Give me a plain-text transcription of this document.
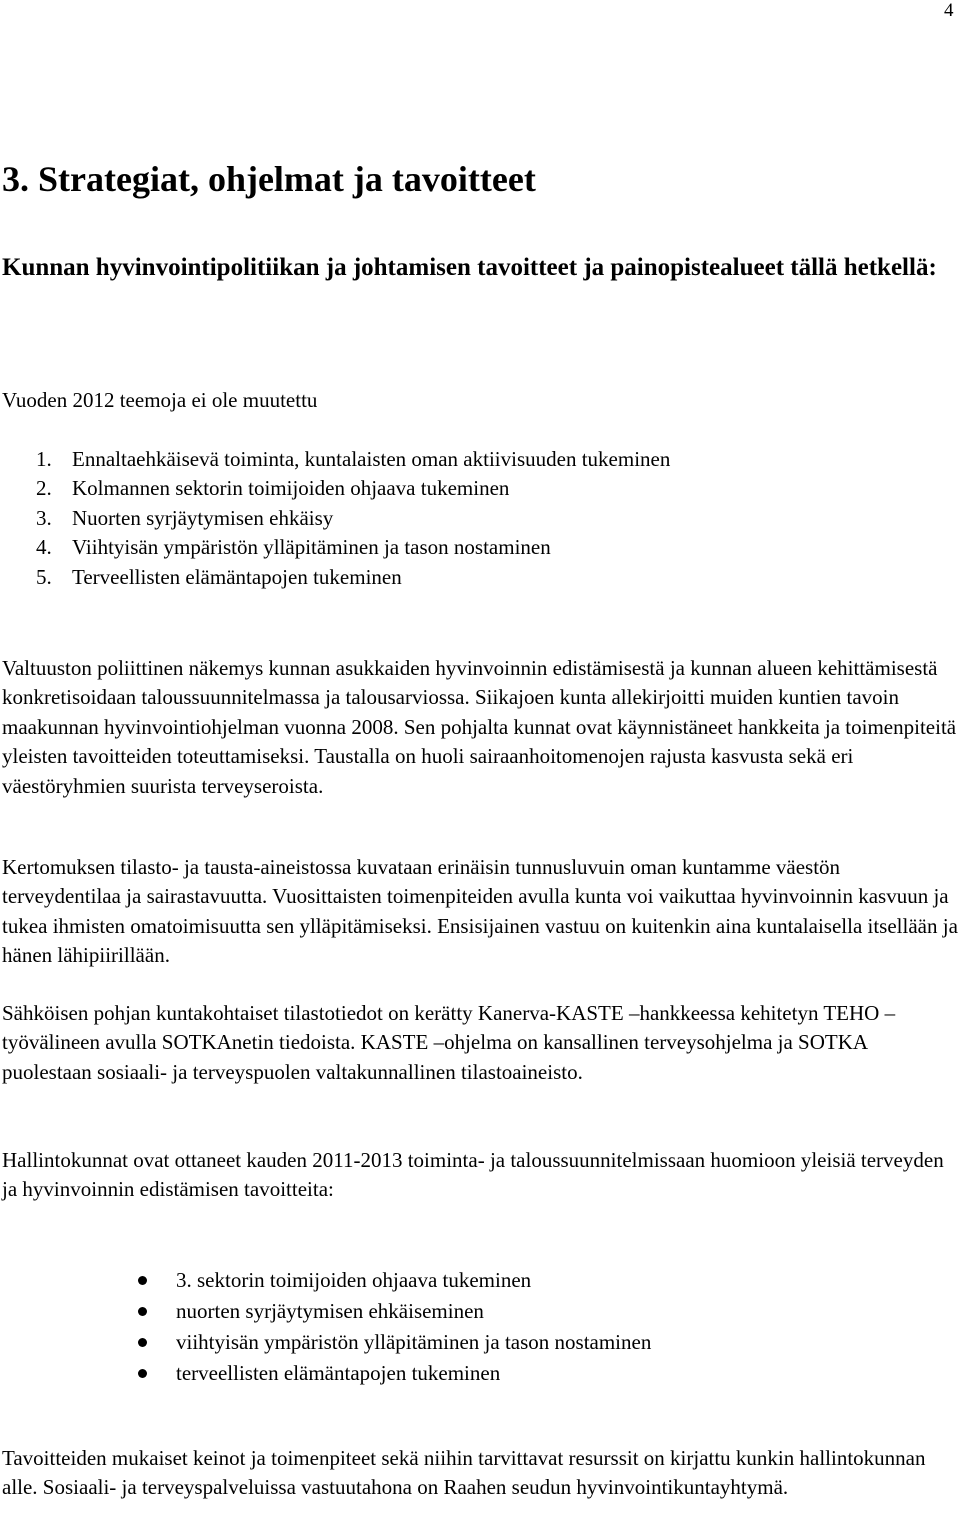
4
3. Strategiat, ohjelmat ja tavoitteet
Kunnan hyvinvointipolitiikan ja johtamisen tavoitteet ja painopistealueet tällä hetkellä:

Vuoden 2012 teemoja ei ole muutettu

1. Ennaltaehkäisevä toiminta, kuntalaisten oman aktiivisuuden tukeminen
2. Kolmannen sektorin toimijoiden ohjaava tukeminen
3. Nuorten syrjäytymisen ehkäisy
4. Viihtyisän ympäristön ylläpitäminen ja tason nostaminen
5. Terveellisten elämäntapojen tukeminen

Valtuuston poliittinen näkemys kunnan asukkaiden hyvinvoinnin edistämisestä ja kunnan alueen kehittämisestä konkretisoidaan taloussuunnitelmassa ja talousarviossa. Siikajoen kunta allekirjoitti muiden kuntien tavoin maakunnan hyvinvointiohjelman vuonna 2008. Sen pohjalta kunnat ovat käynnistäneet hankkeita ja toimenpiteitä yleisten tavoitteiden toteuttamiseksi. Taustalla on huoli sairaanhoitomenojen rajusta kasvusta sekä eri väestöryhmien suurista terveyseroista.

Kertomuksen tilasto- ja tausta-aineistossa kuvataan erinäisin tunnusluvuin oman kuntamme väestön terveydentilaa ja sairastavuutta. Vuosittaisten toimenpiteiden avulla kunta voi vaikuttaa hyvinvoinnin kasvuun ja tukea ihmisten omatoimisuutta sen ylläpitämiseksi. Ensisijainen vastuu on kuitenkin aina kuntalaisella itsellään ja hänen lähipiirillään.

Sähköisen pohjan kuntakohtaiset tilastotiedot on kerätty Kanerva-KASTE –hankkeessa kehitetyn TEHO –työvälineen avulla SOTKAnetin tiedoista. KASTE –ohjelma on kansallinen terveysohjelma ja SOTKA puolestaan sosiaali- ja terveyspuolen valtakunnallinen tilastoaineisto.

Hallintokunnat ovat ottaneet kauden 2011-2013 toiminta- ja taloussuunnitelmissaan huomioon yleisiä terveyden ja hyvinvoinnin edistämisen tavoitteita:

3. sektorin toimijoiden ohjaava tukeminen
nuorten syrjäytymisen ehkäiseminen
viihtyisän ympäristön ylläpitäminen ja tason nostaminen
terveellisten elämäntapojen tukeminen

Tavoitteiden mukaiset keinot ja toimenpiteet sekä niihin tarvittavat resurssit on kirjattu kunkin hallintokunnan alle. Sosiaali- ja terveyspalveluissa vastuutahona on Raahen seudun hyvinvointikuntayhtymä.
